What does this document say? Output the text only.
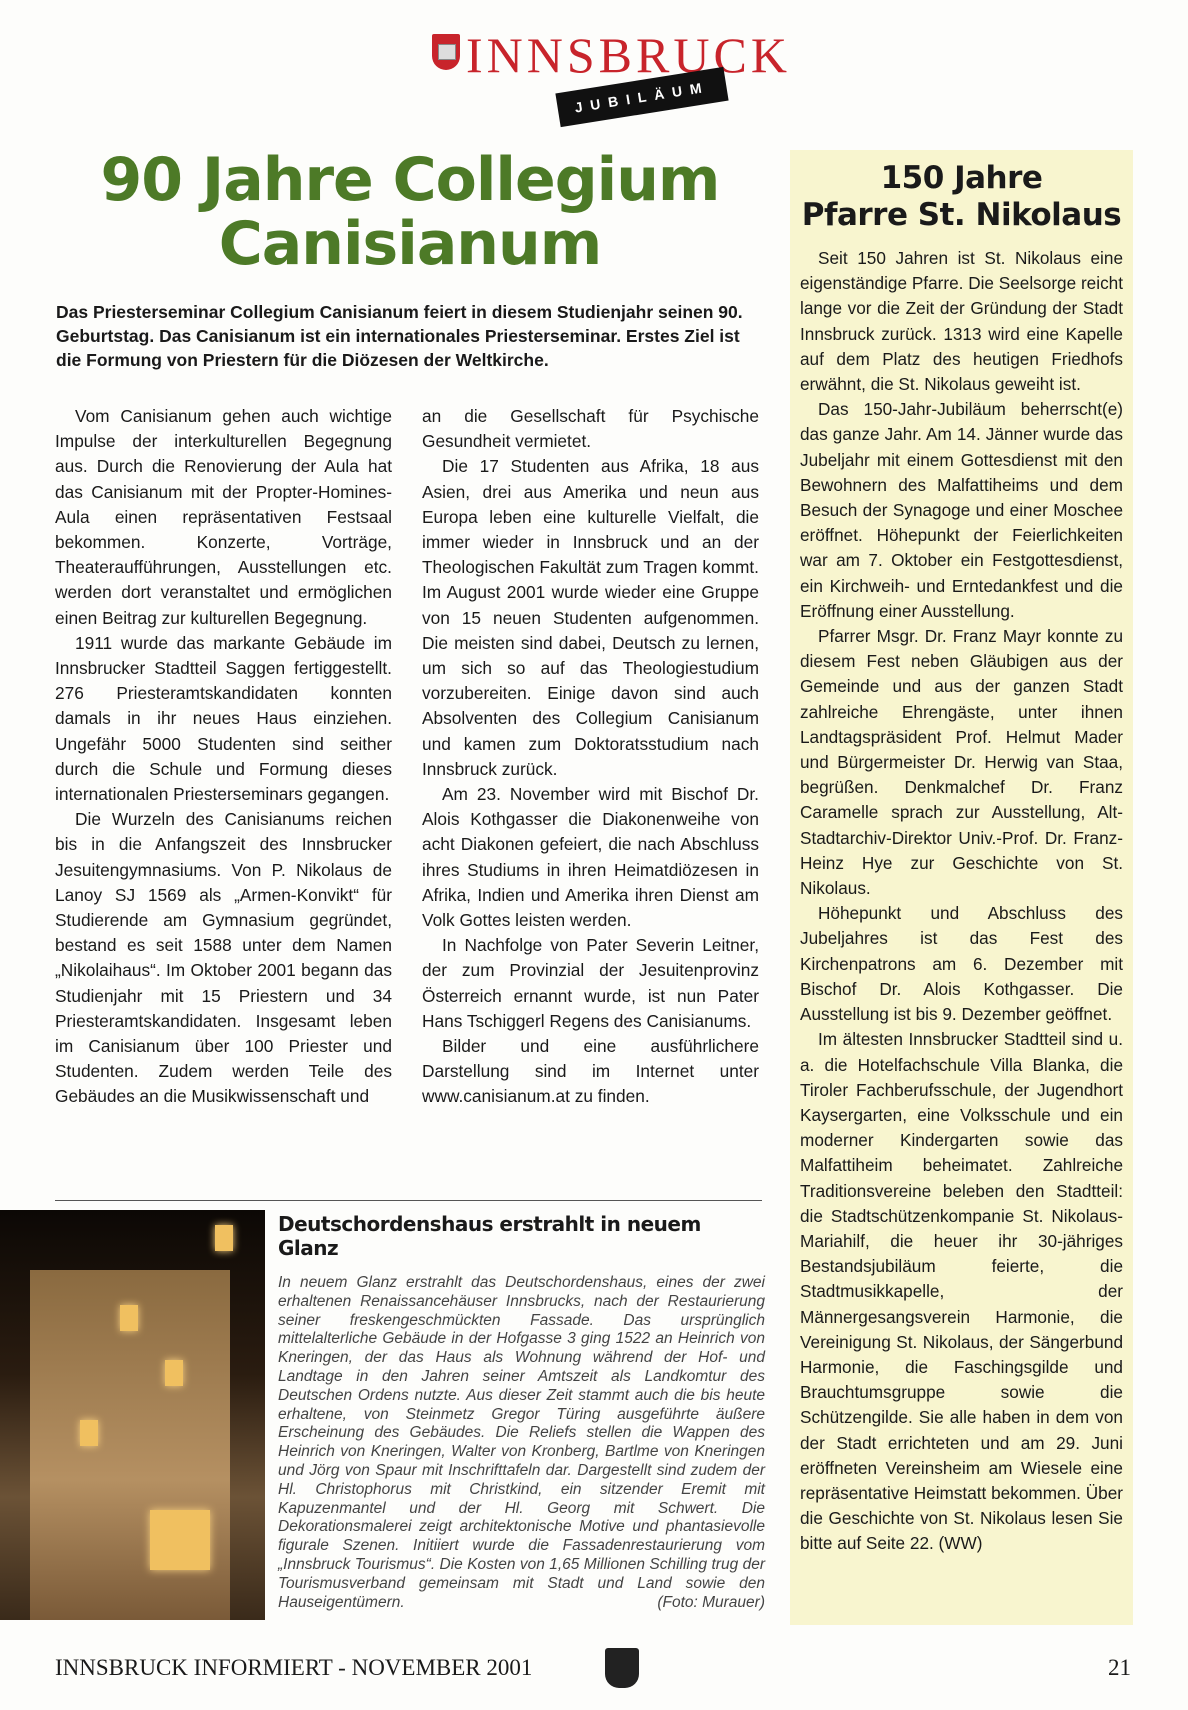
INNSBRUCK
JUBILÄUM
90 Jahre Collegium Canisianum

Das Priesterseminar Collegium Canisianum feiert in diesem Studienjahr seinen 90. Geburtstag. Das Canisianum ist ein internationales Priesterseminar. Erstes Ziel ist die Formung von Priestern für die Diözesen der Weltkirche.

Vom Canisianum gehen auch wichtige Impulse der interkulturellen Begegnung aus. Durch die Renovierung der Aula hat das Canisianum mit der Propter-Homines-Aula einen repräsentativen Festsaal bekommen. Konzerte, Vorträge, Theateraufführungen, Ausstellungen etc. werden dort veranstaltet und ermöglichen einen Beitrag zur kulturellen Begegnung.

1911 wurde das markante Gebäude im Innsbrucker Stadtteil Saggen fertiggestellt. 276 Priesteramtskandidaten konnten damals in ihr neues Haus einziehen. Ungefähr 5000 Studenten sind seither durch die Schule und Formung dieses internationalen Priesterseminars gegangen.

Die Wurzeln des Canisianums reichen bis in die Anfangszeit des Innsbrucker Jesuitengymnasiums. Von P. Nikolaus de Lanoy SJ 1569 als „Armen-Konvikt“ für Studierende am Gymnasium gegründet, bestand es seit 1588 unter dem Namen „Nikolaihaus“. Im Oktober 2001 begann das Studienjahr mit 15 Priestern und 34 Priesteramtskandidaten. Insgesamt leben im Canisianum über 100 Priester und Studenten. Zudem werden Teile des Gebäudes an die Musikwissenschaft und

an die Gesellschaft für Psychische Gesundheit vermietet.

Die 17 Studenten aus Afrika, 18 aus Asien, drei aus Amerika und neun aus Europa leben eine kulturelle Vielfalt, die immer wieder in Innsbruck und an der Theologischen Fakultät zum Tragen kommt. Im August 2001 wurde wieder eine Gruppe von 15 neuen Studenten aufgenommen. Die meisten sind dabei, Deutsch zu lernen, um sich so auf das Theologiestudium vorzubereiten. Einige davon sind auch Absolventen des Collegium Canisianum und kamen zum Doktoratsstudium nach Innsbruck zurück.

Am 23. November wird mit Bischof Dr. Alois Kothgasser die Diakonenweihe von acht Diakonen gefeiert, die nach Abschluss ihres Studiums in ihren Heimatdiözesen in Afrika, Indien und Amerika ihren Dienst am Volk Gottes leisten werden.

In Nachfolge von Pater Severin Leitner, der zum Provinzial der Jesuitenprovinz Österreich ernannt wurde, ist nun Pater Hans Tschiggerl Regens des Canisianums.

Bilder und eine ausführlichere Darstellung sind im Internet unter www.canisianum.at zu finden.

Deutschordenshaus erstrahlt in neuem Glanz

In neuem Glanz erstrahlt das Deutschordenshaus, eines der zwei erhaltenen Renaissancehäuser Innsbrucks, nach der Restaurierung seiner freskengeschmückten Fassade. Das ursprünglich mittelalterliche Gebäude in der Hofgasse 3 ging 1522 an Heinrich von Kneringen, der das Haus als Wohnung während der Hof- und Landtage in den Jahren seiner Amtszeit als Landkomtur des Deutschen Ordens nutzte. Aus dieser Zeit stammt auch die bis heute erhaltene, von Steinmetz Gregor Türing ausgeführte äußere Erscheinung des Gebäudes. Die Reliefs stellen die Wappen des Heinrich von Kneringen, Walter von Kronberg, Bartlme von Kneringen und Jörg von Spaur mit Inschrifttafeln dar. Dargestellt sind zudem der Hl. Christophorus mit Christkind, ein sitzender Eremit mit Kapuzenmantel und der Hl. Georg mit Schwert. Die Dekorationsmalerei zeigt architektonische Motive und phantasievolle figurale Szenen. Initiiert wurde die Fassadenrestaurierung vom „Innsbruck Tourismus“. Die Kosten von 1,65 Millionen Schilling trug der Tourismusverband gemeinsam mit Stadt und Land sowie den Hauseigentümern.	(Foto: Murauer)

150 Jahre
Pfarre St. Nikolaus

Seit 150 Jahren ist St. Nikolaus eine eigenständige Pfarre. Die Seelsorge reicht lange vor die Zeit der Gründung der Stadt Innsbruck zurück. 1313 wird eine Kapelle auf dem Platz des heutigen Friedhofs erwähnt, die St. Nikolaus geweiht ist.

Das 150-Jahr-Jubiläum beherrscht(e) das ganze Jahr. Am 14. Jänner wurde das Jubeljahr mit einem Gottesdienst mit den Bewohnern des Malfattiheims und dem Besuch der Synagoge und einer Moschee eröffnet. Höhepunkt der Feierlichkeiten war am 7. Oktober ein Festgottesdienst, ein Kirchweih- und Erntedankfest und die Eröffnung einer Ausstellung.

Pfarrer Msgr. Dr. Franz Mayr konnte zu diesem Fest neben Gläubigen aus der Gemeinde und aus der ganzen Stadt zahlreiche Ehrengäste, unter ihnen Landtagspräsident Prof. Helmut Mader und Bürgermeister Dr. Herwig van Staa, begrüßen. Denkmalchef Dr. Franz Caramelle sprach zur Ausstellung, Alt-Stadtarchiv-Direktor Univ.-Prof. Dr. Franz-Heinz Hye zur Geschichte von St. Nikolaus.

Höhepunkt und Abschluss des Jubeljahres ist das Fest des Kirchenpatrons am 6. Dezember mit Bischof Dr. Alois Kothgasser. Die Ausstellung ist bis 9. Dezember geöffnet.

Im ältesten Innsbrucker Stadtteil sind u. a. die Hotelfachschule Villa Blanka, die Tiroler Fachberufsschule, der Jugendhort Kaysergarten, eine Volksschule und ein moderner Kindergarten sowie das Malfattiheim beheimatet. Zahlreiche Traditionsvereine beleben den Stadtteil: die Stadtschützenkompanie St. Nikolaus-Mariahilf, die heuer ihr 30-jähriges Bestandsjubiläum feierte, die Stadtmusikkapelle, der Männergesangsverein Harmonie, die Vereinigung St. Nikolaus, der Sängerbund Harmonie, die Faschingsgilde und Brauchtumsgruppe sowie die Schützengilde. Sie alle haben in dem von der Stadt errichteten und am 29. Juni eröffneten Vereinsheim am Wiesele eine repräsentative Heimstatt bekommen. Über die Geschichte von St. Nikolaus lesen Sie bitte auf Seite 22. (WW)

INNSBRUCK INFORMIERT - NOVEMBER 2001	21
